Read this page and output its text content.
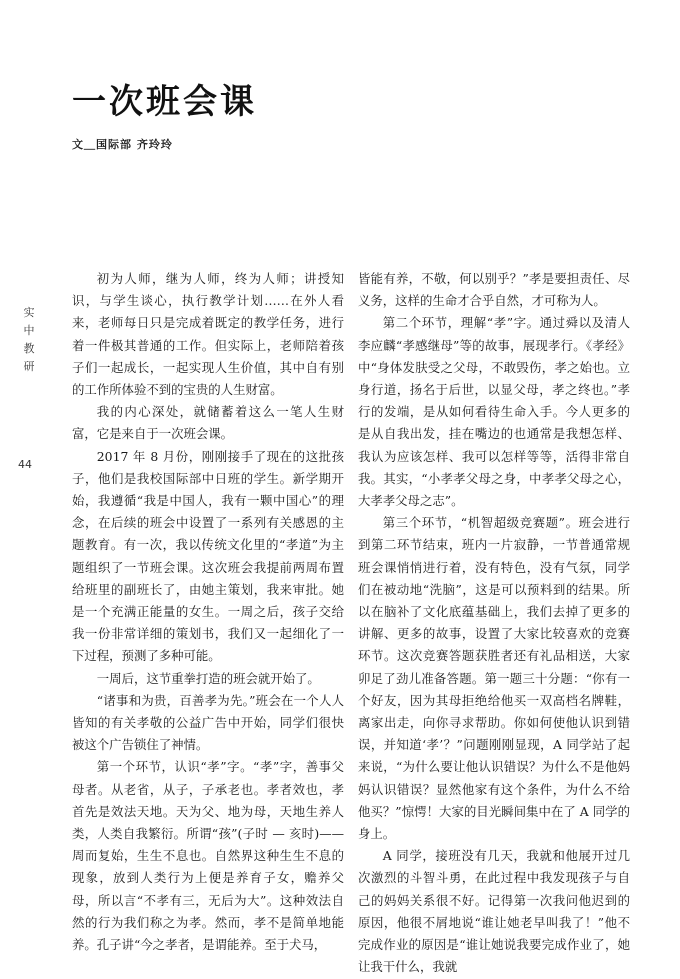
一次班会课
文＿国际部 齐玲玲
实
中
教
研
44

初为人师，继为人师，终为人师；讲授知识，与学生谈心，执行教学计划……在外人看来，老师每日只是完成着既定的教学任务，进行着一件极其普通的工作。但实际上，老师陪着孩子们一起成长，一起实现人生价值，其中自有别的工作所体验不到的宝贵的人生财富。

我的内心深处，就储蓄着这么一笔人生财富，它是来自于一次班会课。

2017 年 8 月份，刚刚接手了现在的这批孩子，他们是我校国际部中日班的学生。新学期开始，我遵循“我是中国人，我有一颗中国心”的理念，在后续的班会中设置了一系列有关感恩的主题教育。有一次，我以传统文化里的“孝道”为主题组织了一节班会课。这次班会我提前两周布置给班里的副班长了，由她主策划，我来审批。她是一个充满正能量的女生。一周之后，孩子交给我一份非常详细的策划书，我们又一起细化了一下过程，预测了多种可能。

一周后，这节重拳打造的班会就开始了。

“诸事和为贵，百善孝为先。”班会在一个人人皆知的有关孝敬的公益广告中开始，同学们很快被这个广告锁住了神情。

第一个环节，认识“孝”字。“孝”字，善事父母者。从老省，从子，子承老也。孝者效也，孝首先是效法天地。天为父、地为母，天地生养人类，人类自我繁衍。所谓“孩”(子时 — 亥时)——周而复始，生生不息也。自然界这种生生不息的现象，放到人类行为上便是养育子女，赡养父母，所以言“不孝有三，无后为大”。这种效法自然的行为我们称之为孝。然而，孝不是简单地能养。孔子讲“今之孝者，是谓能养。至于犬马，

皆能有养，不敬，何以别乎？”孝是要担责任、尽义务，这样的生命才合乎自然，才可称为人。

第二个环节，理解“孝”字。通过舜以及清人李应麟“孝感继母”等的故事，展现孝行。《孝经》中“身体发肤受之父母，不敢毁伤，孝之始也。立身行道，扬名于后世，以显父母，孝之终也。”孝行的发端，是从如何看待生命入手。今人更多的是从自我出发，挂在嘴边的也通常是我想怎样、我认为应该怎样、我可以怎样等等，活得非常自我。其实，“小孝孝父母之身，中孝孝父母之心，大孝孝父母之志”。

第三个环节，“机智超级竞赛题”。班会进行到第二环节结束，班内一片寂静，一节普通常规班会课悄悄进行着，没有特色，没有气氛，同学们在被动地“洗脑”，这是可以预料到的结果。所以在脑补了文化底蕴基础上，我们去掉了更多的讲解、更多的故事，设置了大家比较喜欢的竞赛环节。这次竞赛答题获胜者还有礼品相送，大家卯足了劲儿准备答题。第一题三十分题：“你有一个好友，因为其母拒绝给他买一双高档名牌鞋，离家出走，向你寻求帮助。你如何使他认识到错误，并知道‘孝’？”问题刚刚显现，A 同学站了起来说，“为什么要让他认识错误？为什么不是他妈妈认识错误？显然他家有这个条件，为什么不给他买？”惊愕！大家的目光瞬间集中在了 A 同学的身上。

A 同学，接班没有几天，我就和他展开过几次激烈的斗智斗勇，在此过程中我发现孩子与自己的妈妈关系很不好。记得第一次我问他迟到的原因，他很不屑地说“谁让她老早叫我了！”他不完成作业的原因是“谁让她说我要完成作业了，她让我干什么，我就
